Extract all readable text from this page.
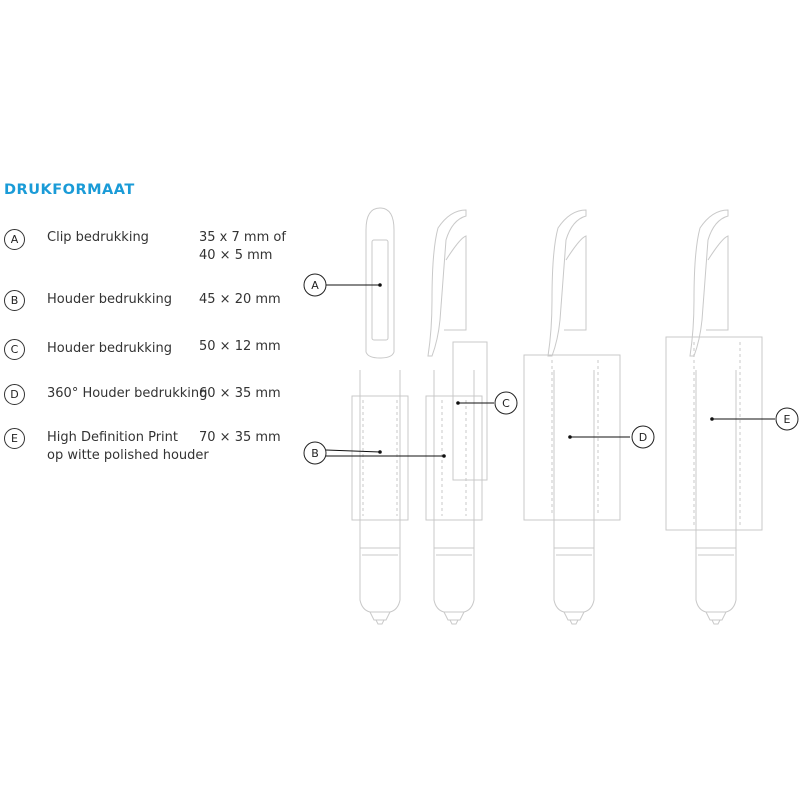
DRUKFORMAAT
A	Clip bedrukking	35 x 7 mm of
40 × 5 mm
B	Houder bedrukking 45 × 20 mm
C	Houder bedrukking 50 × 12 mm
D	360° Houder bedrukking
60 × 35 mm
E	High Definition Print
op witte polished houder
70 × 35 mm
A
B
C
D
E
